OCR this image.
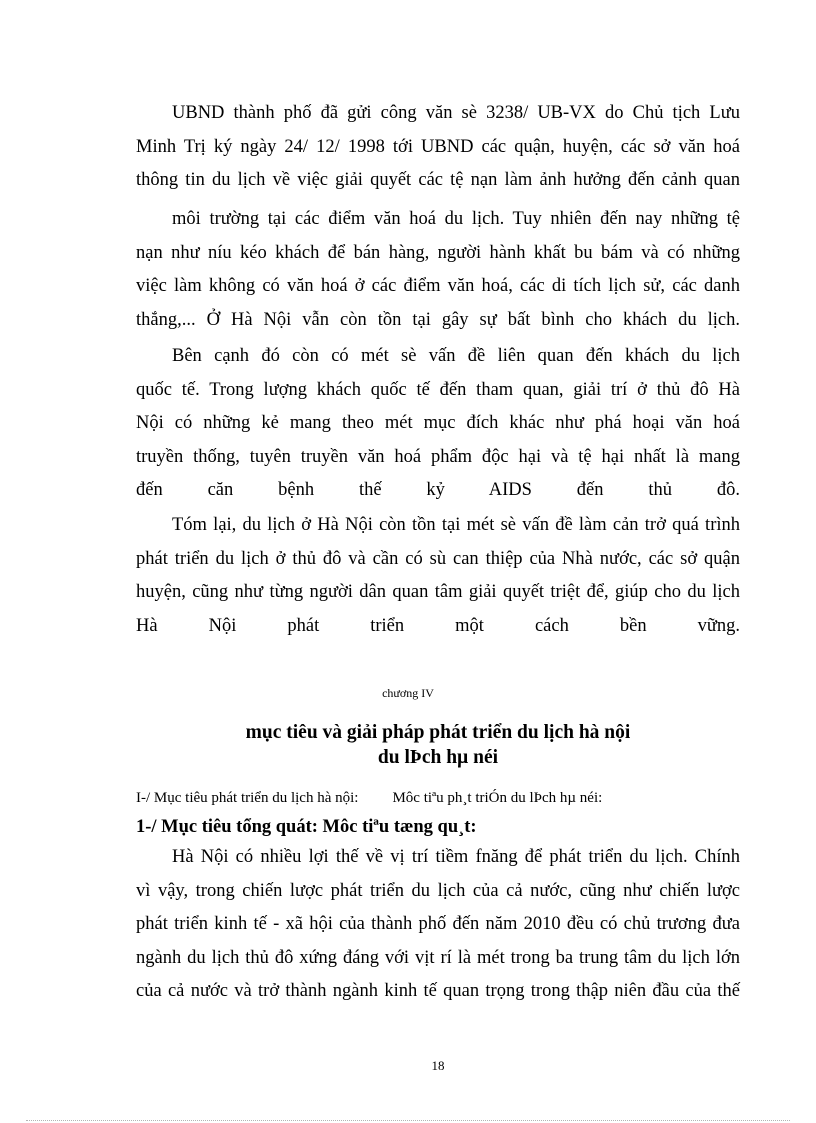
UBND thành phố đã gửi công văn sè 3238/ UB-VX do Chủ tịch Lưu
Minh Trị ký ngày 24/ 12/ 1998 tới UBND các quận, huyện, các sở văn hoá
thông tin du lịch về việc giải quyết các tệ nạn làm ảnh hưởng đến cảnh quan
môi trường tại các điểm văn hoá du lịch. Tuy nhiên đến nay những tệ
nạn như níu kéo khách để bán hàng, người hành khất bu bám và có những
việc làm không có văn hoá ở các điểm văn hoá, các di tích lịch sử, các danh
thắng,... Ở Hà Nội vẫn còn tồn tại gây sự bất bình cho khách du lịch.
Bên cạnh đó còn có mét sè vấn đề liên quan đến khách du lịch
quốc tế. Trong lượng khách quốc tế đến tham quan, giải trí ở thủ đô Hà
Nội có những kẻ mang theo mét mục đích khác như phá hoại văn hoá
truyền thống, tuyên truyền văn hoá phẩm độc hại và tệ hại nhất là mang
đến căn bệnh thế kỷ AIDS đến thủ đô.
Tóm lại, du lịch ở Hà Nội còn tồn tại mét sè vấn đề làm cản trở quá trình
phát triển du lịch ở thủ đô và cần có sù can thiệp của Nhà nước, các sở quận
huyện, cũng như từng người dân quan tâm giải quyết triệt để, giúp cho du lịch
Hà Nội phát triển một cách bền vững.

chương IV

mục tiêu và giải pháp phát triển du lịch hà nội
du lÞch hµ néi

I-/ Mục tiêu phát triển du lịch hà nội: Môc tiªu ph¸t triÓn du lÞch hµ néi:

1-/ Mục tiêu tổng quát: Môc tiªu tæng qu¸t:

Hà Nội có nhiều lợi thế về vị trí tiềm fnăng để phát triển du lịch. Chính
vì vậy, trong chiến lược phát triển du lịch của cả nước, cũng như chiến lược
phát triển kinh tế - xã hội của thành phố đến năm 2010 đều có chủ trương đưa
ngành du lịch thủ đô xứng đáng với vịt rí là mét trong ba trung tâm du lịch lớn
của cả nước và trở thành ngành kinh tế quan trọng trong thập niên đầu của thế

18
